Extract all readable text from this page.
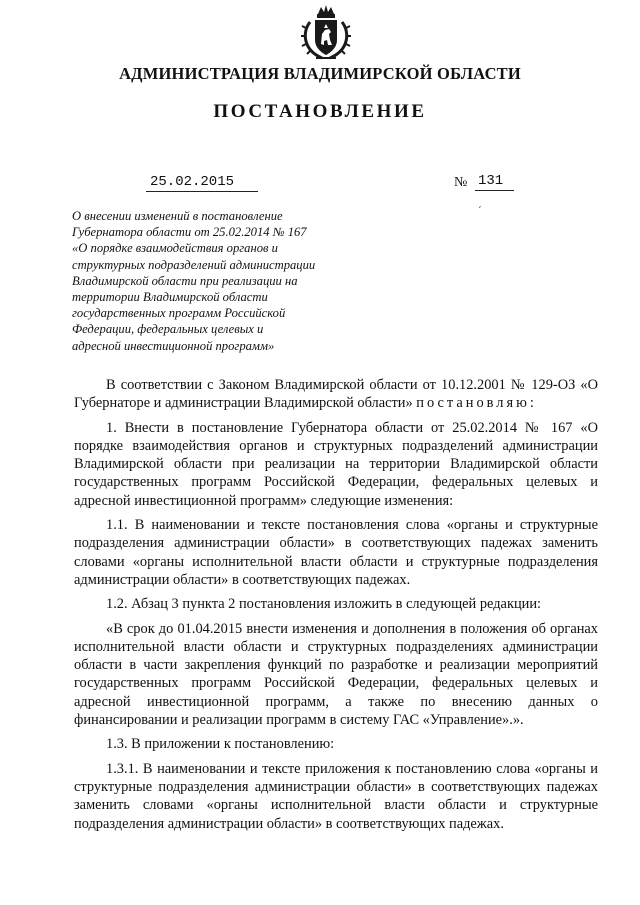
АДМИНИСТРАЦИЯ ВЛАДИМИРСКОЙ ОБЛАСТИ
ПОСТАНОВЛЕНИЕ
25.02.2015	№ 131
ˊ
О внесении изменений в постановление
Губернатора области от 25.02.2014 № 167
«О порядке взаимодействия органов и
структурных подразделений администрации
Владимирской области при реализации на
территории Владимирской области
государственных программ Российской
Федерации, федеральных целевых и
адресной инвестиционной программ»

В соответствии с Законом Владимирской области от 10.12.2001 № 129-ОЗ «О Губернаторе и администрации Владимирской области» постановляю:

1. Внести в постановление Губернатора области от 25.02.2014 № 167 «О порядке взаимодействия органов и структурных подразделений администрации Владимирской области при реализации на территории Владимирской области государственных программ Российской Федерации, федеральных целевых и адресной инвестиционной программ» следующие изменения:

1.1. В наименовании и тексте постановления слова «органы и структурные подразделения администрации области» в соответствующих падежах заменить словами «органы исполнительной власти области и структурные подразделения администрации области» в соответствующих падежах.

1.2. Абзац 3 пункта 2 постановления изложить в следующей редакции:

«В срок до 01.04.2015 внести изменения и дополнения в положения об органах исполнительной власти области и структурных подразделениях администрации области в части закрепления функций по разработке и реализации мероприятий государственных программ Российской Федерации, федеральных целевых и адресной инвестиционной программ, а также по внесению данных о финансировании и реализации программ в систему ГАС «Управление».».

1.3. В приложении к постановлению:

1.3.1. В наименовании и тексте приложения к постановлению слова «органы и структурные подразделения администрации области» в соответствующих падежах заменить словами «органы исполнительной власти области и структурные подразделения администрации области» в соответствующих падежах.
